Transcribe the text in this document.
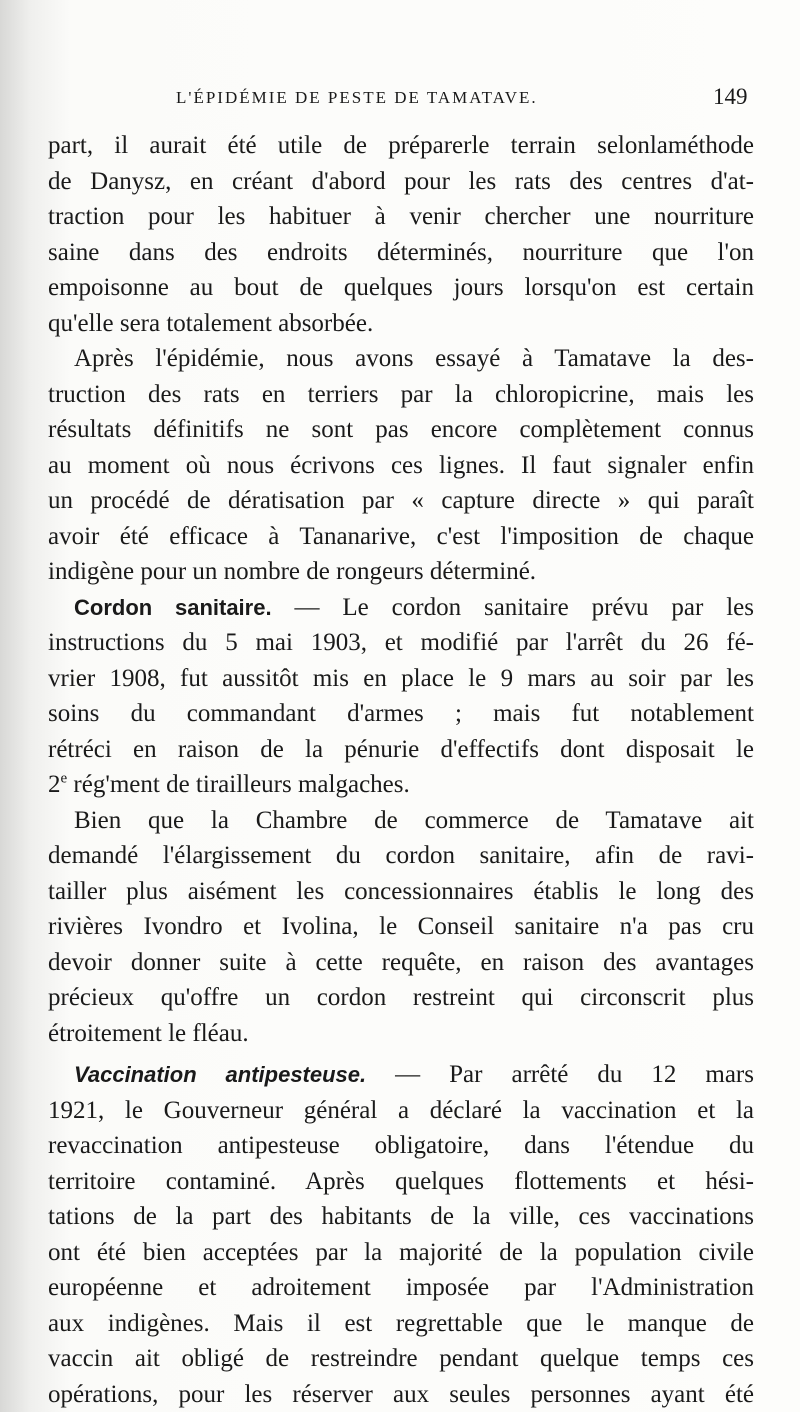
L'ÉPIDÉMIE DE PESTE DE TAMATAVE.	149
part, il aurait été utile de préparerle terrain selonlaméthode
de Danysz, en créant d'abord pour les rats des centres d'at-
traction pour les habituer à venir chercher une nourriture
saine dans des endroits déterminés, nourriture que l'on
empoisonne au bout de quelques jours lorsqu'on est certain
qu'elle sera totalement absorbée.
Après l'épidémie, nous avons essayé à Tamatave la des-
truction des rats en terriers par la chloropicrine, mais les
résultats définitifs ne sont pas encore complètement connus
au moment où nous écrivons ces lignes. Il faut signaler enfin
un procédé de dératisation par « capture directe » qui paraît
avoir été efficace à Tananarive, c'est l'imposition de chaque
indigène pour un nombre de rongeurs déterminé.
Cordon sanitaire. — Le cordon sanitaire prévu par les
instructions du 5 mai 1903, et modifié par l'arrêt du 26 fé-
vrier 1908, fut aussitôt mis en place le 9 mars au soir par les
soins du commandant d'armes ; mais fut notablement
rétréci en raison de la pénurie d'effectifs dont disposait le
2e rég'ment de tirailleurs malgaches.
Bien que la Chambre de commerce de Tamatave ait
demandé l'élargissement du cordon sanitaire, afin de ravi-
tailler plus aisément les concessionnaires établis le long des
rivières Ivondro et Ivolina, le Conseil sanitaire n'a pas cru
devoir donner suite à cette requête, en raison des avantages
précieux qu'offre un cordon restreint qui circonscrit plus
étroitement le fléau.
Vaccination antipesteuse. — Par arrêté du 12 mars
1921, le Gouverneur général a déclaré la vaccination et la
revaccination antipesteuse obligatoire, dans l'étendue du
territoire contaminé. Après quelques flottements et hési-
tations de la part des habitants de la ville, ces vaccinations
ont été bien acceptées par la majorité de la population civile
européenne et adroitement imposée par l'Administration
aux indigènes. Mais il est regrettable que le manque de
vaccin ait obligé de restreindre pendant quelque temps ces
opérations, pour les réserver aux seules personnes ayant été
